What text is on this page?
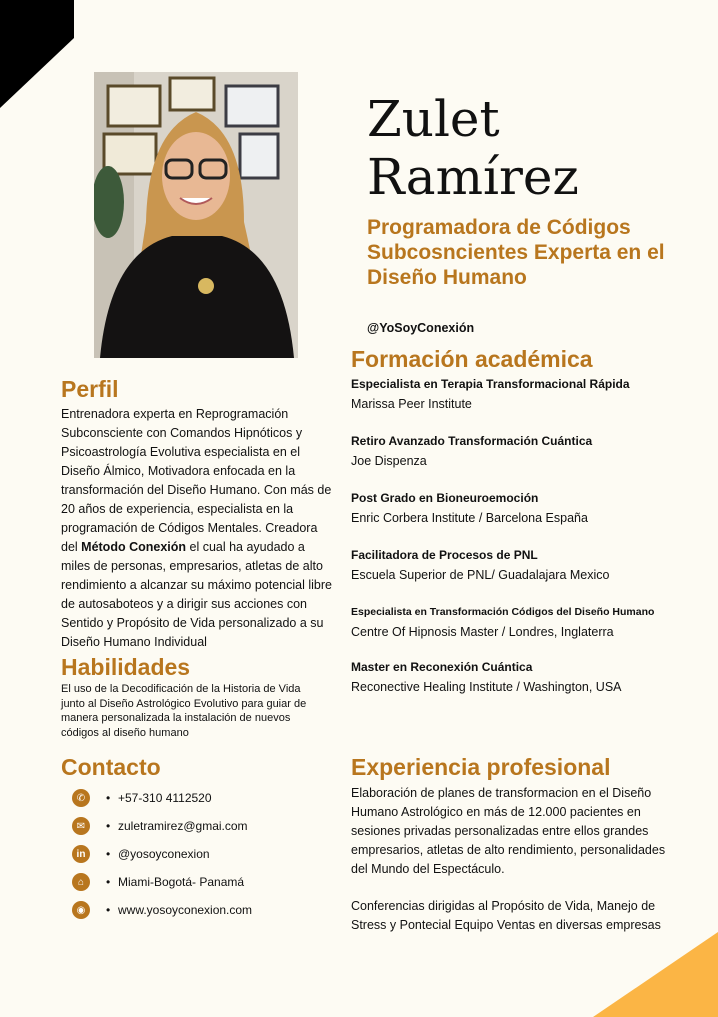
Zulet
Ramírez
Programadora de Códigos Subcosncientes Experta en el Diseño Humano
@YoSoyConexión
Perfil
Entrenadora experta en Reprogramación Subconsciente con Comandos Hipnóticos y Psicoastrología Evolutiva especialista en el Diseño Álmico, Motivadora enfocada en la transformación del Diseño Humano. Con más de 20 años de experiencia, especialista en la programación de Códigos Mentales. Creadora del Método Conexión el cual ha ayudado a miles de personas, empresarios, atletas de alto rendimiento a alcanzar su máximo potencial libre de autosaboteos y a dirigir sus acciones con Sentido y Propósito de Vida personalizado a su Diseño Humano Individual
Habilidades
El uso de la Decodificación de la Historia de Vida junto al Diseño Astrológico Evolutivo para guiar de manera personalizada la instalación de nuevos códigos al diseño humano
Contacto
✆	• +57-310 4112520
✉	• zuletramirez@gmai.com
in	• @yosoyconexion
⌂	• Miami-Bogotá- Panamá
◉	• www.yosoyconexion.com
Formación académica
Especialista en Terapia Transformacional Rápida
Marissa Peer Institute
Retiro Avanzado Transformación Cuántica
Joe Dispenza
Post Grado en Bioneuroemoción
Enric Corbera Institute / Barcelona España
Facilitadora de Procesos de PNL
Escuela Superior de PNL/ Guadalajara Mexico
Especialista en Transformación Códigos del Diseño Humano
Centre Of Hipnosis Master / Londres, Inglaterra
Master en Reconexión Cuántica
Reconective Healing Institute / Washington, USA
Experiencia profesional
Elaboración de planes de transformacion en el Diseño Humano Astrológico en más de 12.000 pacientes en sesiones privadas personalizadas entre ellos grandes empresarios, atletas de alto rendimiento, personalidades del Mundo del Espectáculo.
Conferencias dirigidas al Propósito de Vida, Manejo de Stress y Pontecial Equipo Ventas en diversas empresas
